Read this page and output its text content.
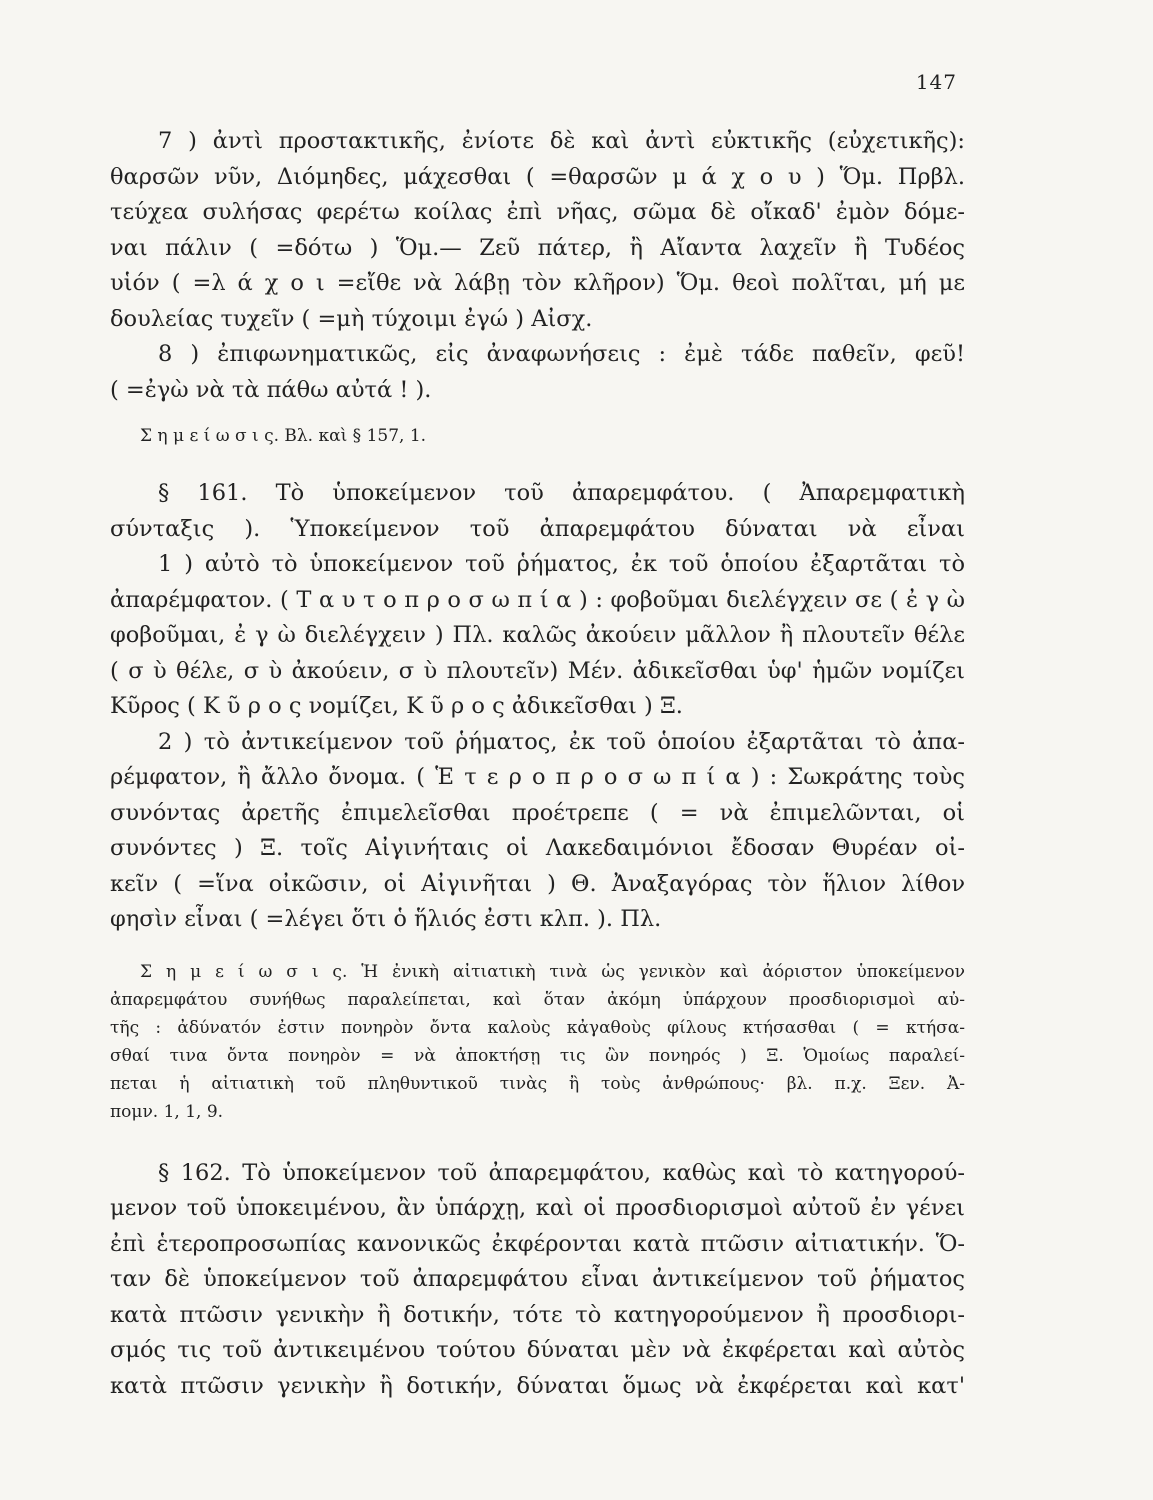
147
7 ) ἀντὶ προστακτικῆς, ἐνίοτε δὲ καὶ ἀντὶ εὐκτικῆς (εὐχετικῆς):
θαρσῶν νῦν, Διόμηδες, μάχεσθαι ( =θαρσῶν μ ά χ ο υ ) Ὅμ. Πρβλ.
τεύχεα συλήσας φερέτω κοίλας ἐπὶ νῆας, σῶμα δὲ οἴκαδ' ἐμὸν δόμε-
ναι πάλιν ( =δότω ) Ὅμ.— Ζεῦ πάτερ, ἢ Αἴαντα λαχεῖν ἢ Τυδέος
υἱόν ( =λ ά χ ο ι =εἴθε νὰ λάβῃ τὸν κλῆρον) Ὅμ. θεοὶ πολῖται, μή με
δουλείας τυχεῖν ( =μὴ τύχοιμι ἐγώ ) Αἰσχ.
8 ) ἐπιφωνηματικῶς, εἰς ἀναφωνήσεις : ἐμὲ τάδε παθεῖν, φεῦ!
( =ἐγὼ νὰ τὰ πάθω αὐτά ! ).
Σ η μ ε ί ω σ ι ς. Βλ. καὶ § 157, 1.
§ 161. Τὸ ὑποκείμενον τοῦ ἀπαρεμφάτου. ( Ἀπαρεμφατικὴ
σύνταξις ). Ὑποκείμενον τοῦ ἀπαρεμφάτου δύναται νὰ εἶναι
1 ) αὐτὸ τὸ ὑποκείμενον τοῦ ῥήματος, ἐκ τοῦ ὁποίου ἐξαρτᾶται τὸ
ἀπαρέμφατον. ( Τ α υ τ ο π ρ ο σ ω π ί α ) : φοβοῦμαι διελέγχειν σε ( ἐ γ ὼ
φοβοῦμαι, ἐ γ ὼ διελέγχειν ) Πλ. καλῶς ἀκούειν μᾶλλον ἢ πλουτεῖν θέλε
( σ ὺ θέλε, σ ὺ ἀκούειν, σ ὺ πλουτεῖν) Μέν. ἀδικεῖσθαι ὑφ' ἡμῶν νομίζει
Κῦρος ( Κ ῦ ρ ο ς νομίζει, Κ ῦ ρ ο ς ἀδικεῖσθαι ) Ξ.
2 ) τὸ ἀντικείμενον τοῦ ῥήματος, ἐκ τοῦ ὁποίου ἐξαρτᾶται τὸ ἀπα-
ρέμφατον, ἢ ἄλλο ὄνομα. ( Ἑ τ ε ρ ο π ρ ο σ ω π ί α ) : Σωκράτης τοὺς
συνόντας ἀρετῆς ἐπιμελεῖσθαι προέτρεπε ( = νὰ ἐπιμελῶνται, οἱ
συνόντες ) Ξ. τοῖς Αἰγινήταις οἱ Λακεδαιμόνιοι ἔδοσαν Θυρέαν οἰ-
κεῖν ( =ἵνα οἰκῶσιν, οἱ Αἰγινῆται ) Θ. Ἀναξαγόρας τὸν ἥλιον λίθον
φησὶν εἶναι ( =λέγει ὅτι ὁ ἥλιός ἐστι κλπ. ). Πλ.
Σ η μ ε ί ω σ ι ς. Ἡ ἐνικὴ αἰτιατικὴ τινὰ ὡς γενικὸν καὶ ἀόριστον ὑποκείμενον
ἀπαρεμφάτου συνήθως παραλείπεται, καὶ ὅταν ἀκόμη ὑπάρχουν προσδιορισμοὶ αὐ-
τῆς : ἀδύνατόν ἐστιν πονηρὸν ὄντα καλοὺς κἀγαθοὺς φίλους κτήσασθαι ( = κτήσα-
σθαί τινα ὄντα πονηρὸν = νὰ ἀποκτήσῃ τις ὢν πονηρός ) Ξ. Ὁμοίως παραλεί-
πεται ἡ αἰτιατικὴ τοῦ πληθυντικοῦ τινὰς ἢ τοὺς ἀνθρώπους· βλ. π.χ. Ξεν. Ἀ-
πομν. 1, 1, 9.
§ 162. Τὸ ὑποκείμενον τοῦ ἀπαρεμφάτου, καθὼς καὶ τὸ κατηγορού-
μενον τοῦ ὑποκειμένου, ἂν ὑπάρχῃ, καὶ οἱ προσδιορισμοὶ αὐτοῦ ἐν γένει
ἐπὶ ἑτεροπροσωπίας κανονικῶς ἐκφέρονται κατὰ πτῶσιν αἰτιατικήν. Ὅ-
ταν δὲ ὑποκείμενον τοῦ ἀπαρεμφάτου εἶναι ἀντικείμενον τοῦ ῥήματος
κατὰ πτῶσιν γενικὴν ἢ δοτικήν, τότε τὸ κατηγορούμενον ἢ προσδιορι-
σμός τις τοῦ ἀντικειμένου τούτου δύναται μὲν νὰ ἐκφέρεται καὶ αὐτὸς
κατὰ πτῶσιν γενικὴν ἢ δοτικήν, δύναται ὅμως νὰ ἐκφέρεται καὶ κατ'
